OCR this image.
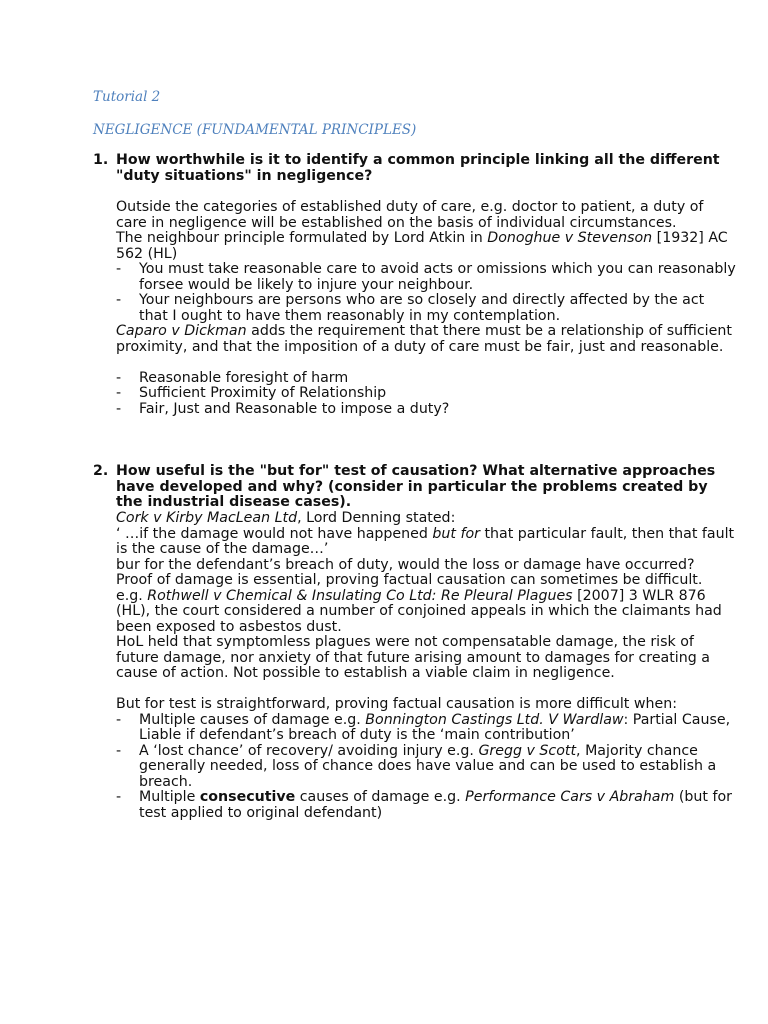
Tutorial 2
NEGLIGENCE (FUNDAMENTAL PRINCIPLES)
1. How worthwhile is it to identify a common principle linking all the different "duty situations" in negligence?

Outside the categories of established duty of care, e.g. doctor to patient, a duty of care in negligence will be established on the basis of individual circumstances.

The neighbour principle formulated by Lord Atkin in Donoghue v Stevenson [1932] AC 562 (HL)

- You must take reasonable care to avoid acts or omissions which you can reasonably forsee would be likely to injure your neighbour.
- Your neighbours are persons who are so closely and directly affected by the act that I ought to have them reasonably in my contemplation.

Caparo v Dickman adds the requirement that there must be a relationship of sufficient proximity, and that the imposition of a duty of care must be fair, just and reasonable.

- Reasonable foresight of harm
- Sufficient Proximity of Relationship
- Fair, Just and Reasonable to impose a duty?
2. How useful is the "but for" test of causation? What alternative approaches have developed and why? (consider in particular the problems created by the industrial disease cases).

Cork v Kirby MacLean Ltd, Lord Denning stated:

‘ …if the damage would not have happened but for that particular fault, then that fault is the cause of the damage…’

bur for the defendant’s breach of duty, would the loss or damage have occurred?

Proof of damage is essential, proving factual causation can sometimes be difficult.

e.g. Rothwell v Chemical & Insulating Co Ltd: Re Pleural Plagues [2007] 3 WLR 876 (HL), the court considered a number of conjoined appeals in which the claimants had been exposed to asbestos dust.

HoL held that symptomless plagues were not compensatable damage, the risk of future damage, nor anxiety of that future arising amount to damages for creating a cause of action. Not possible to establish a viable claim in negligence.

But for test is straightforward, proving factual causation is more difficult when:

- Multiple causes of damage e.g. Bonnington Castings Ltd. V Wardlaw: Partial Cause, Liable if defendant’s breach of duty is the ‘main contribution’
- A ‘lost chance’ of recovery/ avoiding injury e.g. Gregg v Scott, Majority chance generally needed, loss of chance does have value and can be used to establish a breach.
- Multiple consecutive causes of damage e.g. Performance Cars v Abraham (but for test applied to original defendant)
